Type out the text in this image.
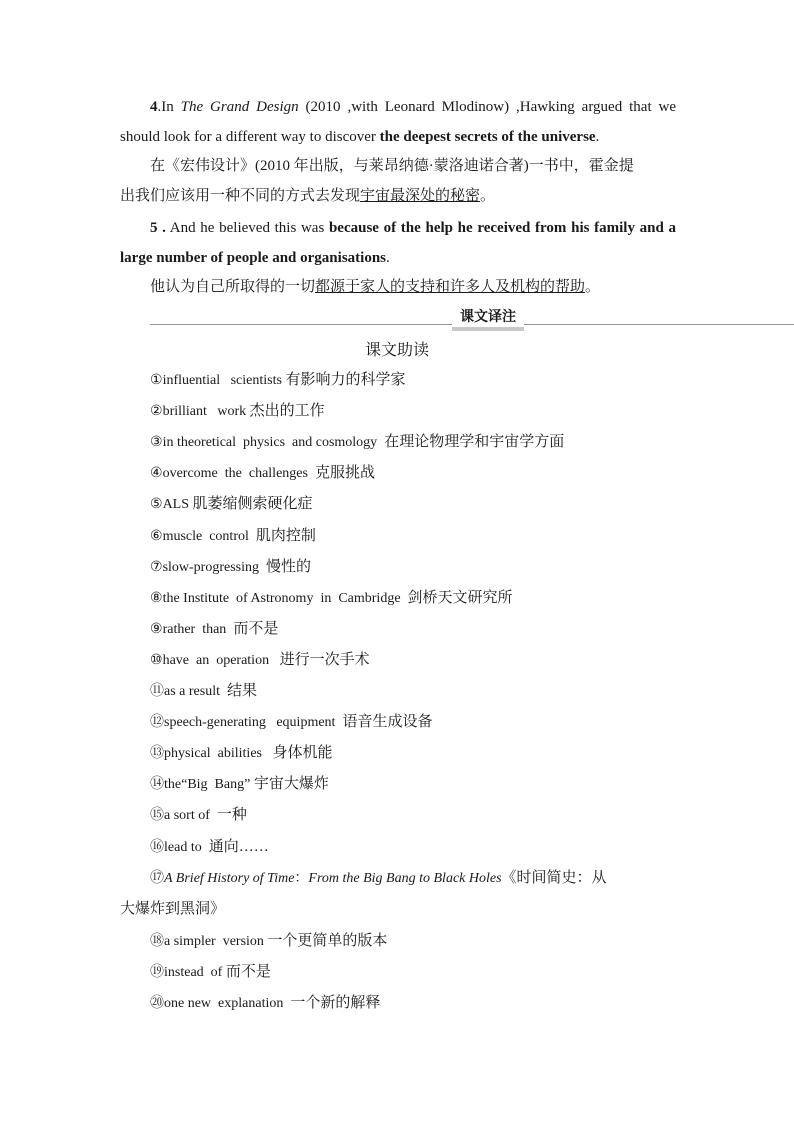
4.In The Grand Design (2010 ,with Leonard Mlodinow) ,Hawking argued that we should look for a different way to discover the deepest secrets of the universe.
在《宏伟设计》(2010 年出版，与莱昂纳德·蒙洛迪诺合著)一书中，霍金提
出我们应该用一种不同的方式去发现宇宙最深处的秘密。
5 . And he believed this was because of the help he received from his family and a large number of people and organisations.
他认为自己所取得的一切都源于家人的支持和许多人及机构的帮助。
课文译注
课文助读
①influential   scientists 有影响力的科学家
②brilliant   work 杰出的工作
③in theoretical  physics  and cosmology  在理论物理学和宇宙学方面
④overcome  the  challenges  克服挑战
⑤ALS 肌萎缩侧索硬化症
⑥muscle  control  肌肉控制
⑦slow‑progressing  慢性的
⑧the Institute  of Astronomy  in  Cambridge  剑桥天文研究所
⑨rather  than  而不是
⑩have  an  operation   进行一次手术
⑪as a result  结果
⑫speech‑generating   equipment  语音生成设备
⑬physical  abilities   身体机能
⑭the“Big  Bang” 宇宙大爆炸
⑮a sort of  一种
⑯lead to  通向……
⑰A Brief History of Time：From the Big Bang to Black Holes《时间简史：从
大爆炸到黑洞》
⑱a simpler  version 一个更简单的版本
⑲instead  of 而不是
⑳one new  explanation  一个新的解释
